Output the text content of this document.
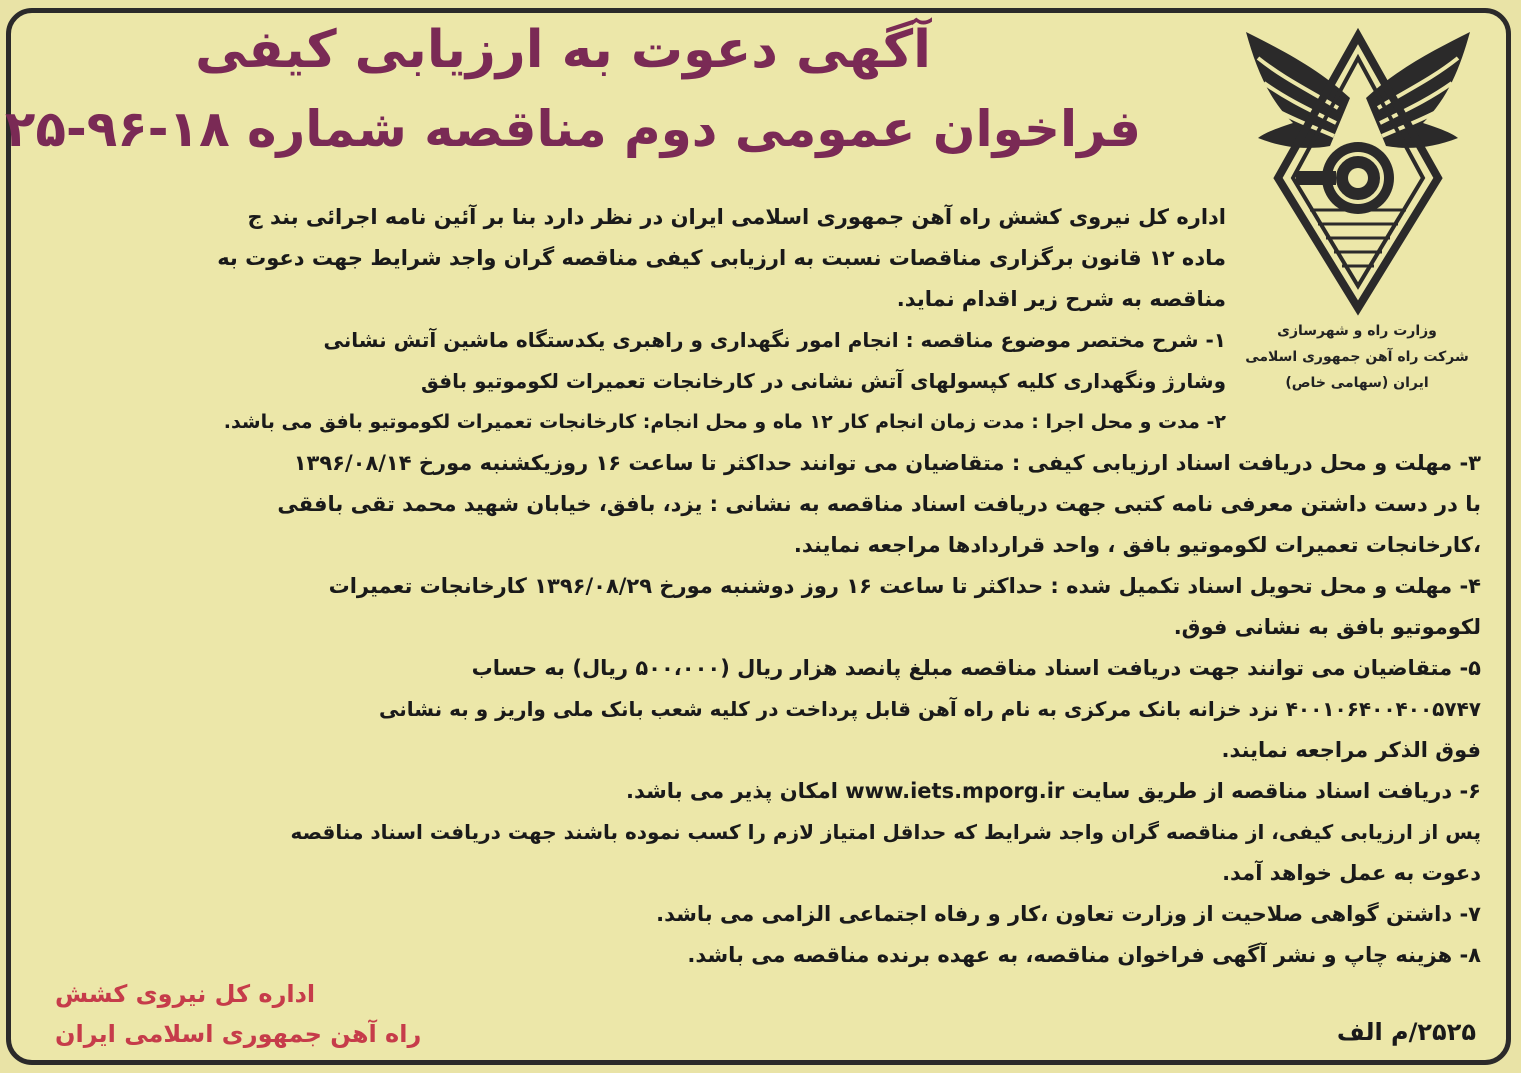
آگهی دعوت به ارزیابی کیفی
فراخوان عمومی دوم مناقصه شماره ۱۸-۹۶-۲۵
وزارت راه و شهرسازی
شرکت راه آهن جمهوری اسلامی
ایران (سهامی خاص)
اداره کل نیروی کشش راه آهن جمهوری اسلامی ایران در نظر دارد بنا بر آئین نامه اجرائی بند ج
ماده ۱۲ قانون برگزاری مناقصات نسبت به ارزیابی کیفی مناقصه گران واجد شرایط جهت دعوت به
مناقصه به شرح زیر اقدام نماید.
۱- شرح مختصر موضوع مناقصه : انجام امور نگهداری و راهبری یکدستگاه ماشین آتش نشانی
وشارژ ونگهداری کلیه کپسولهای آتش نشانی در کارخانجات تعمیرات لکوموتیو بافق
۲- مدت و محل اجرا : مدت زمان انجام کار ۱۲ ماه و محل انجام: کارخانجات تعمیرات لکوموتیو بافق می باشد.
۳- مهلت و محل دریافت اسناد ارزیابی کیفی : متقاضیان می توانند حداکثر تا ساعت ۱۶ روزیکشنبه مورخ ۱۳۹۶/۰۸/۱۴
با در دست داشتن معرفی نامه کتبی جهت دریافت اسناد مناقصه به نشانی : یزد، بافق، خیابان شهید محمد تقی بافقی
،کارخانجات تعمیرات لکوموتیو بافق ، واحد قراردادها مراجعه نمایند.
۴- مهلت و محل تحویل اسناد تکمیل شده : حداکثر تا ساعت ۱۶ روز دوشنبه مورخ ۱۳۹۶/۰۸/۲۹ کارخانجات تعمیرات
لکوموتیو بافق به نشانی فوق.
۵- متقاضیان می توانند جهت دریافت اسناد مناقصه مبلغ پانصد هزار ریال (۵۰۰،۰۰۰ ریال) به حساب
۴۰۰۱۰۶۴۰۰۴۰۰۵۷۴۷ نزد خزانه بانک مرکزی به نام راه آهن قابل پرداخت در کلیه شعب بانک ملی واریز و به نشانی
فوق الذکر مراجعه نمایند.
۶- دریافت اسناد مناقصه از طریق سایت www.iets.mporg.ir امکان پذیر می باشد.
پس از ارزیابی کیفی، از مناقصه گران واجد شرایط که حداقل امتیاز لازم را کسب نموده باشند جهت دریافت اسناد مناقصه
دعوت به عمل خواهد آمد.
۷- داشتن گواهی صلاحیت از وزارت تعاون ،کار و رفاه اجتماعی الزامی می باشد.
۸- هزینه چاپ و نشر آگهی فراخوان مناقصه، به عهده برنده مناقصه می باشد.
اداره کل نیروی کشش
راه آهن جمهوری اسلامی ایران	۲۵۲۵/م الف
